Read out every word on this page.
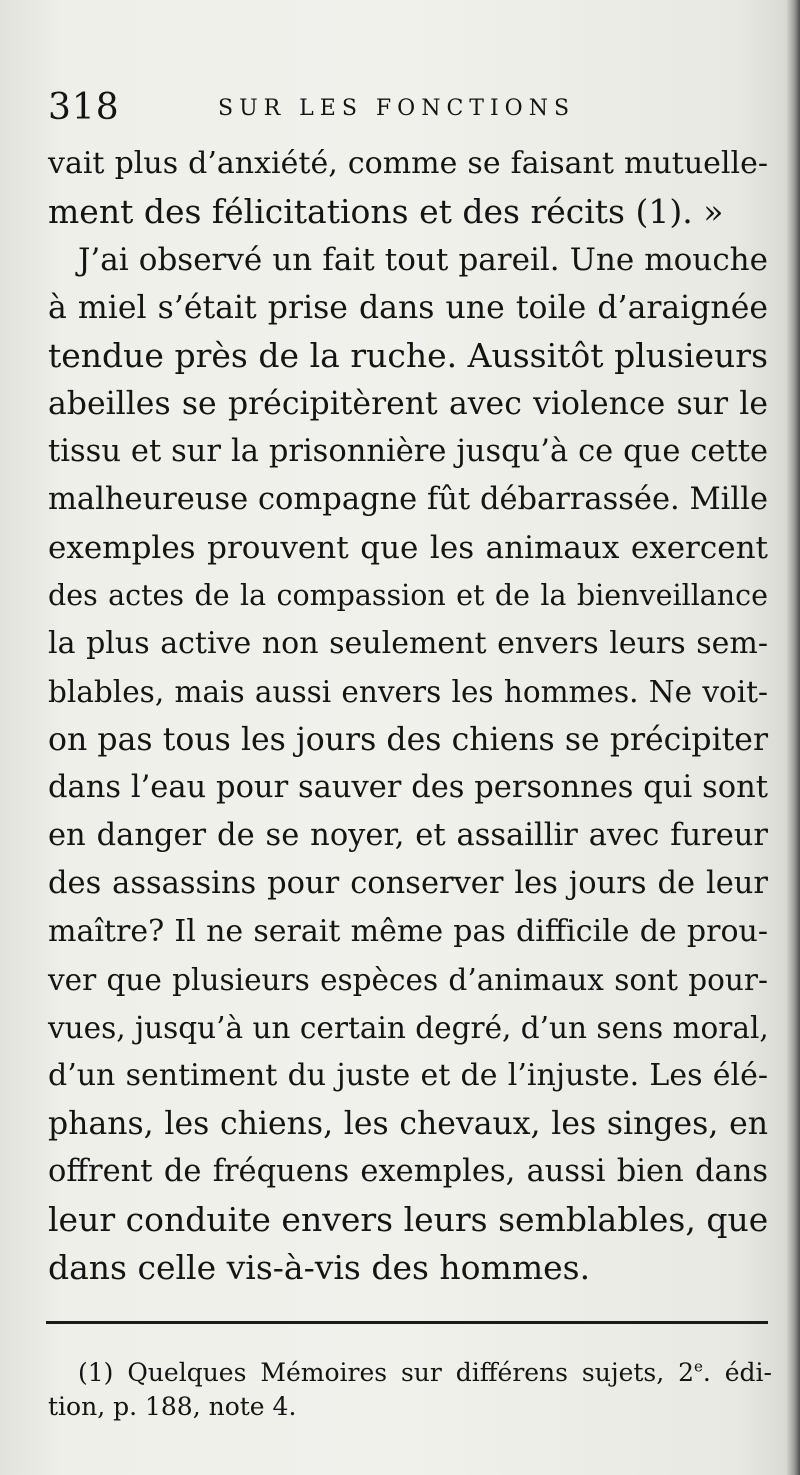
318	SUR LES FONCTIONS
vait plus d’anxiété, comme se faisant mutuelle-
ment des félicitations et des récits (1). »
J’ai observé un fait tout pareil. Une mouche
à miel s’était prise dans une toile d’araignée
tendue près de la ruche. Aussitôt plusieurs
abeilles se précipitèrent avec violence sur le
tissu et sur la prisonnière jusqu’à ce que cette
malheureuse compagne fût débarrassée. Mille
exemples prouvent que les animaux exercent
des actes de la compassion et de la bienveillance
la plus active non seulement envers leurs sem-
blables, mais aussi envers les hommes. Ne voit-
on pas tous les jours des chiens se précipiter
dans l’eau pour sauver des personnes qui sont
en danger de se noyer, et assaillir avec fureur
des assassins pour conserver les jours de leur
maître? Il ne serait même pas difficile de prou-
ver que plusieurs espèces d’animaux sont pour-
vues, jusqu’à un certain degré, d’un sens moral,
d’un sentiment du juste et de l’injuste. Les élé-
phans, les chiens, les chevaux, les singes, en
offrent de fréquens exemples, aussi bien dans
leur conduite envers leurs semblables, que
dans celle vis-à-vis des hommes.
(1) Quelques Mémoires sur différens sujets, 2e. édi-
tion, p. 188, note 4.
